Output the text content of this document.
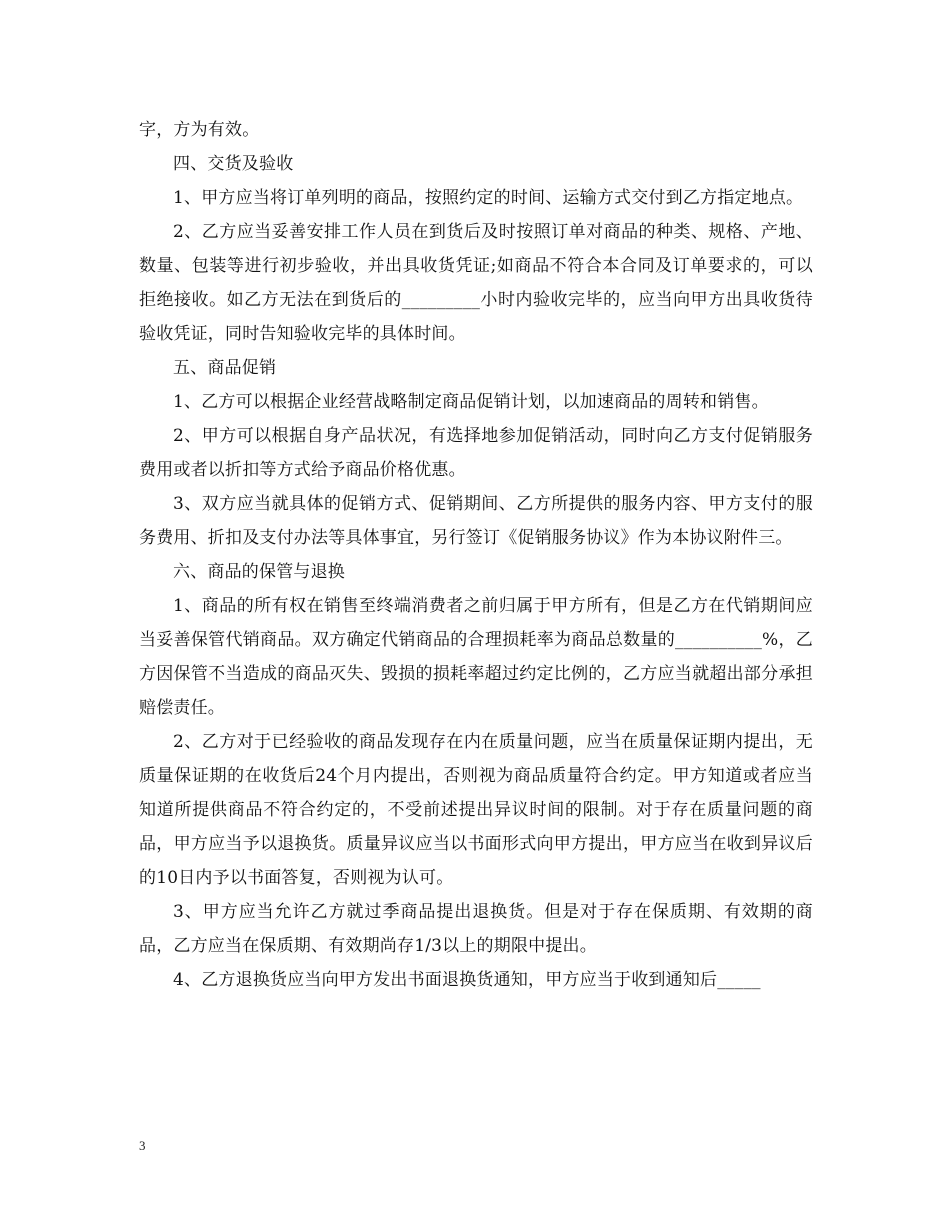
字，方为有效。

四、交货及验收

1、甲方应当将订单列明的商品，按照约定的时间、运输方式交付到乙方指定地点。

2、乙方应当妥善安排工作人员在到货后及时按照订单对商品的种类、规格、产地、数量、包装等进行初步验收，并出具收货凭证;如商品不符合本合同及订单要求的，可以拒绝接收。如乙方无法在到货后的_________小时内验收完毕的，应当向甲方出具收货待验收凭证，同时告知验收完毕的具体时间。

五、商品促销

1、乙方可以根据企业经营战略制定商品促销计划，以加速商品的周转和销售。

2、甲方可以根据自身产品状况，有选择地参加促销活动，同时向乙方支付促销服务费用或者以折扣等方式给予商品价格优惠。

3、双方应当就具体的促销方式、促销期间、乙方所提供的服务内容、甲方支付的服务费用、折扣及支付办法等具体事宜，另行签订《促销服务协议》作为本协议附件三。

六、商品的保管与退换

1、商品的所有权在销售至终端消费者之前归属于甲方所有，但是乙方在代销期间应当妥善保管代销商品。双方确定代销商品的合理损耗率为商品总数量的__________%，乙方因保管不当造成的商品灭失、毁损的损耗率超过约定比例的，乙方应当就超出部分承担赔偿责任。

2、乙方对于已经验收的商品发现存在内在质量问题，应当在质量保证期内提出，无质量保证期的在收货后24个月内提出，否则视为商品质量符合约定。甲方知道或者应当知道所提供商品不符合约定的，不受前述提出异议时间的限制。对于存在质量问题的商品，甲方应当予以退换货。质量异议应当以书面形式向甲方提出，甲方应当在收到异议后的10日内予以书面答复，否则视为认可。

3、甲方应当允许乙方就过季商品提出退换货。但是对于存在保质期、有效期的商品，乙方应当在保质期、有效期尚存1/3以上的期限中提出。

4、乙方退换货应当向甲方发出书面退换货通知，甲方应当于收到通知后_____

3
